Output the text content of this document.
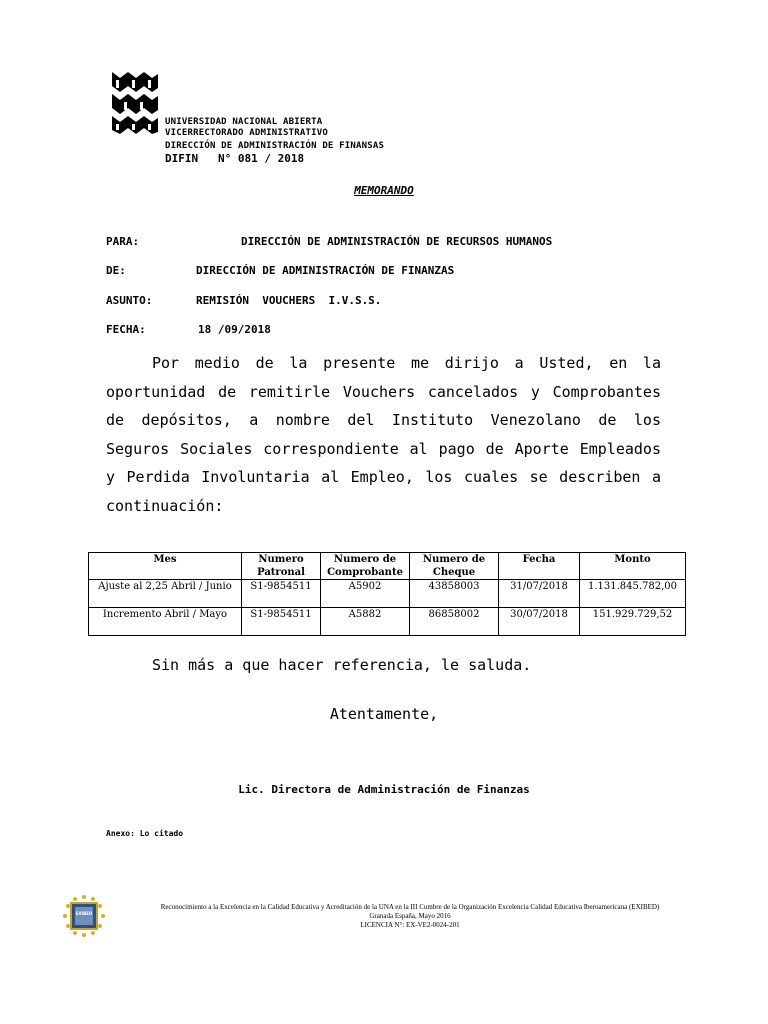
UNIVERSIDAD NACIONAL ABIERTA
VICERRECTORADO ADMINISTRATIVO
DIRECCIÓN DE ADMINISTRACIÓN DE FINANSAS
DIFIN   N° 081 / 2018
MEMORANDO
PARA:	DIRECCIÓN DE ADMINISTRACIÓN DE RECURSOS HUMANOS
DE:	DIRECCIÓN DE ADMINISTRACIÓN DE FINANZAS
ASUNTO:	REMISIÓN  VOUCHERS  I.V.S.S.
FECHA:	18 /09/2018
Por medio de la presente me dirijo a Usted, en la oportunidad de remitirle Vouchers cancelados y Comprobantes de depósitos, a nombre del Instituto Venezolano de los Seguros Sociales correspondiente al pago de Aporte Empleados y Perdida Involuntaria al Empleo, los cuales se describen a continuación:
Mes	Numero Patronal	Numero de Comprobante	Numero de Cheque	Fecha	Monto
Ajuste al 2,25 Abril / Junio	S1-9854511	A5902	43858003	31/07/2018	1.131.845.782,00
Incremento Abril / Mayo	S1-9854511	A5882	86858002	30/07/2018	151.929.729,52
Sin más a que hacer referencia, le saluda.
Atentamente,
Lic. Directora de Administración de Finanzas
Anexo: Lo citado
EXIBED
Reconocimiento a la Excelencia en la Calidad Educativa y Acreditación de la UNA en la III Cumbre de la Organización Excelencia Calidad Educativa Iberoamericana (EXIBED)
Granada España, Mayo 2016
LICENCIA N°: EX-VE2-0024-201
